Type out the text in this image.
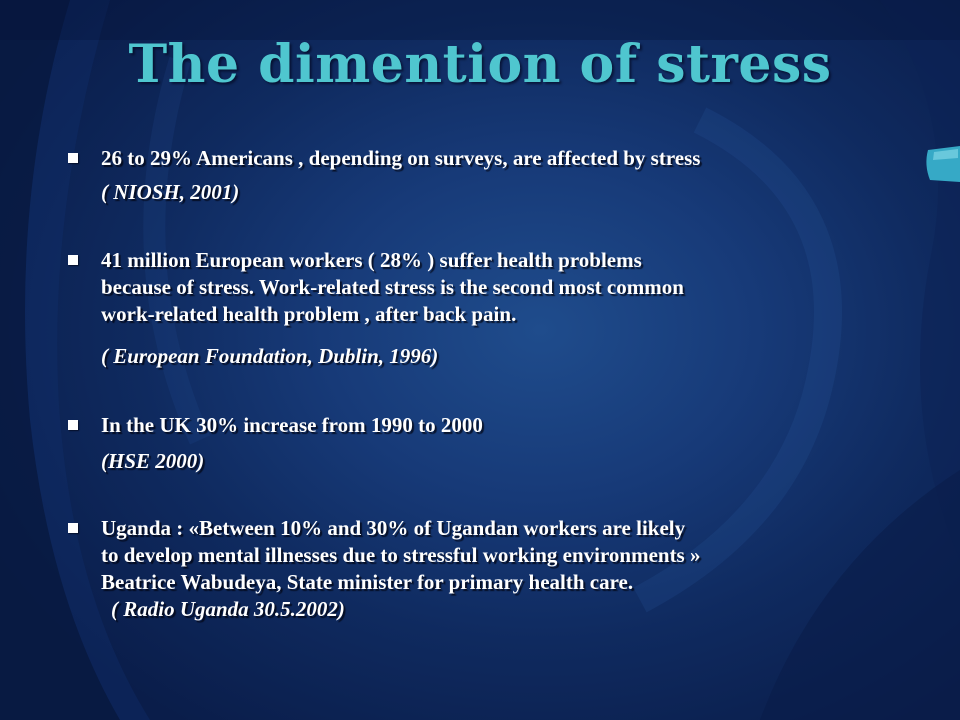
The dimention of stress
26 to 29% Americans , depending on surveys, are affected by stress
( NIOSH, 2001)
41 million European workers ( 28% ) suffer health problems
because of stress. Work-related stress is the second most common
work-related health problem , after back pain.
( European Foundation, Dublin, 1996)
In the UK 30% increase from 1990 to 2000
(HSE 2000)
Uganda : «Between 10% and 30% of Ugandan workers are likely
to develop mental illnesses due to stressful working environments »
Beatrice Wabudeya, State minister for primary health care.
( Radio Uganda 30.5.2002)
